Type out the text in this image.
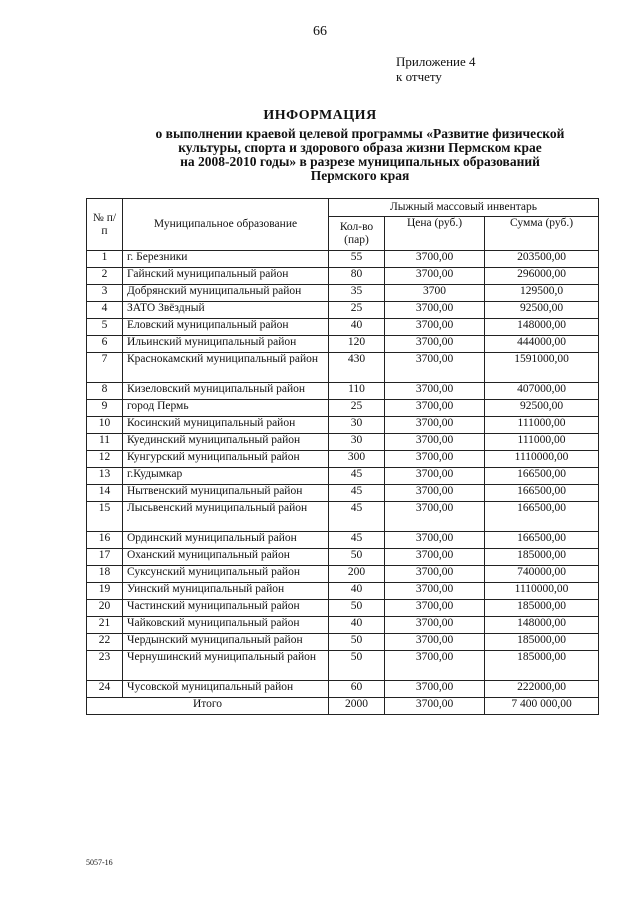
66
Приложение 4
к отчету
ИНФОРМАЦИЯ
о выполнении краевой целевой программы «Развитие физической
культуры, спорта и здорового образа жизни Пермском крае
на 2008-2010 годы» в разрезе муниципальных образований
Пермского края
№ п/п	Муниципальное образование	Лыжный массовый инвентарь		
		Кол-во (пар)	Цена (руб.)	Сумма (руб.)
1	г. Березники	55	3700,00	203500,00
2	Гайнский муниципальный район	80	3700,00	296000,00
3	Добрянский муниципальный район	35	3700	129500,0
4	ЗАТО Звёздный	25	3700,00	92500,00
5	Еловский муниципальный район	40	3700,00	148000,00
6	Ильинский муниципальный район	120	3700,00	444000,00
7	Краснокамский муниципальный район	430	3700,00	1591000,00
8	Кизеловский муниципальный район	110	3700,00	407000,00
9	город Пермь	25	3700,00	92500,00
10	Косинский муниципальный район	30	3700,00	111000,00
11	Куединский муниципальный район	30	3700,00	111000,00
12	Кунгурский муниципальный район	300	3700,00	1110000,00
13	г.Кудымкар	45	3700,00	166500,00
14	Нытвенский муниципальный район	45	3700,00	166500,00
15	Лысьвенский муниципальный район	45	3700,00	166500,00
16	Ординский муниципальный район	45	3700,00	166500,00
17	Оханский муниципальный район	50	3700,00	185000,00
18	Суксунский муниципальный район	200	3700,00	740000,00
19	Уинский муниципальный район	40	3700,00	1110000,00
20	Частинский муниципальный район	50	3700,00	185000,00
21	Чайковский муниципальный район	40	3700,00	148000,00
22	Чердынский муниципальный район	50	3700,00	185000,00
23	Чернушинский муниципальный район	50	3700,00	185000,00
24	Чусовской муниципальный район	60	3700,00	222000,00
Итого		2000	3700,00	7 400 000,00
5057-16
